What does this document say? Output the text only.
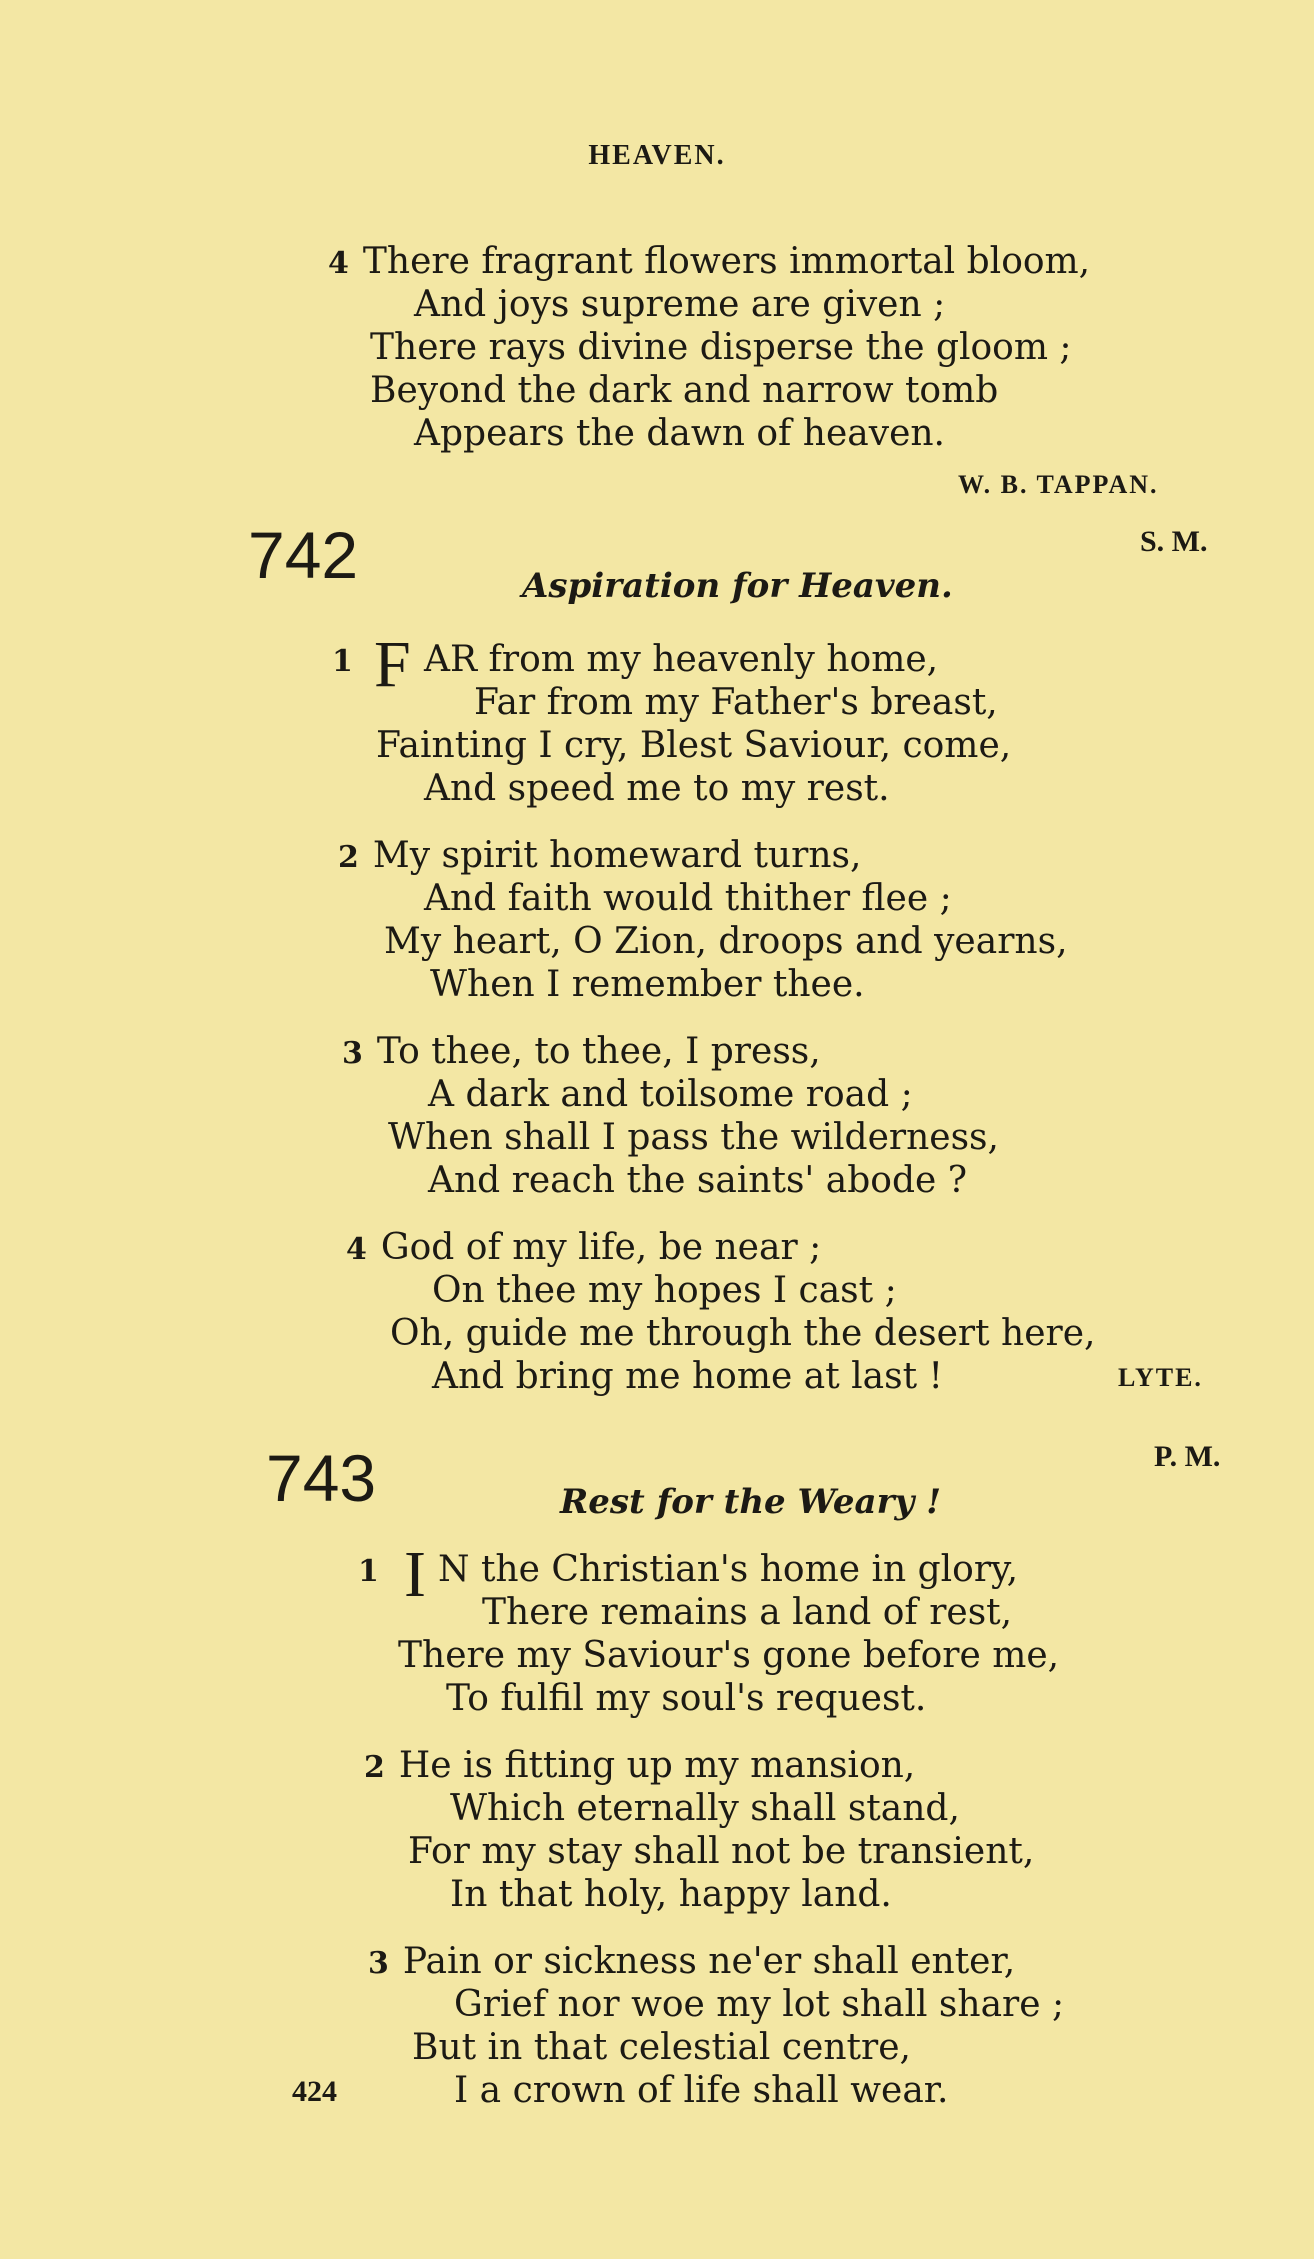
HEAVEN.
4 There fragrant flowers immortal bloom,
And joys supreme are given ;
There rays divine disperse the gloom ;
Beyond the dark and narrow tomb
Appears the dawn of heaven.
W. B. TAPPAN.
742	S. M.
Aspiration for Heaven.
1 F AR from my heavenly home,
Far from my Father's breast,
Fainting I cry, Blest Saviour, come,
And speed me to my rest.
2 My spirit homeward turns,
And faith would thither flee ;
My heart, O Zion, droops and yearns,
When I remember thee.
3 To thee, to thee, I press,
A dark and toilsome road ;
When shall I pass the wilderness,
And reach the saints' abode ?
4 God of my life, be near ;
On thee my hopes I cast ;
Oh, guide me through the desert here,
And bring me home at last !	LYTE.
743	P. M.
Rest for the Weary !
1 I N the Christian's home in glory,
There remains a land of rest,
There my Saviour's gone before me,
To fulfil my soul's request.
2 He is fitting up my mansion,
Which eternally shall stand,
For my stay shall not be transient,
In that holy, happy land.
3 Pain or sickness ne'er shall enter,
Grief nor woe my lot shall share ;
But in that celestial centre,
I a crown of life shall wear.
424
